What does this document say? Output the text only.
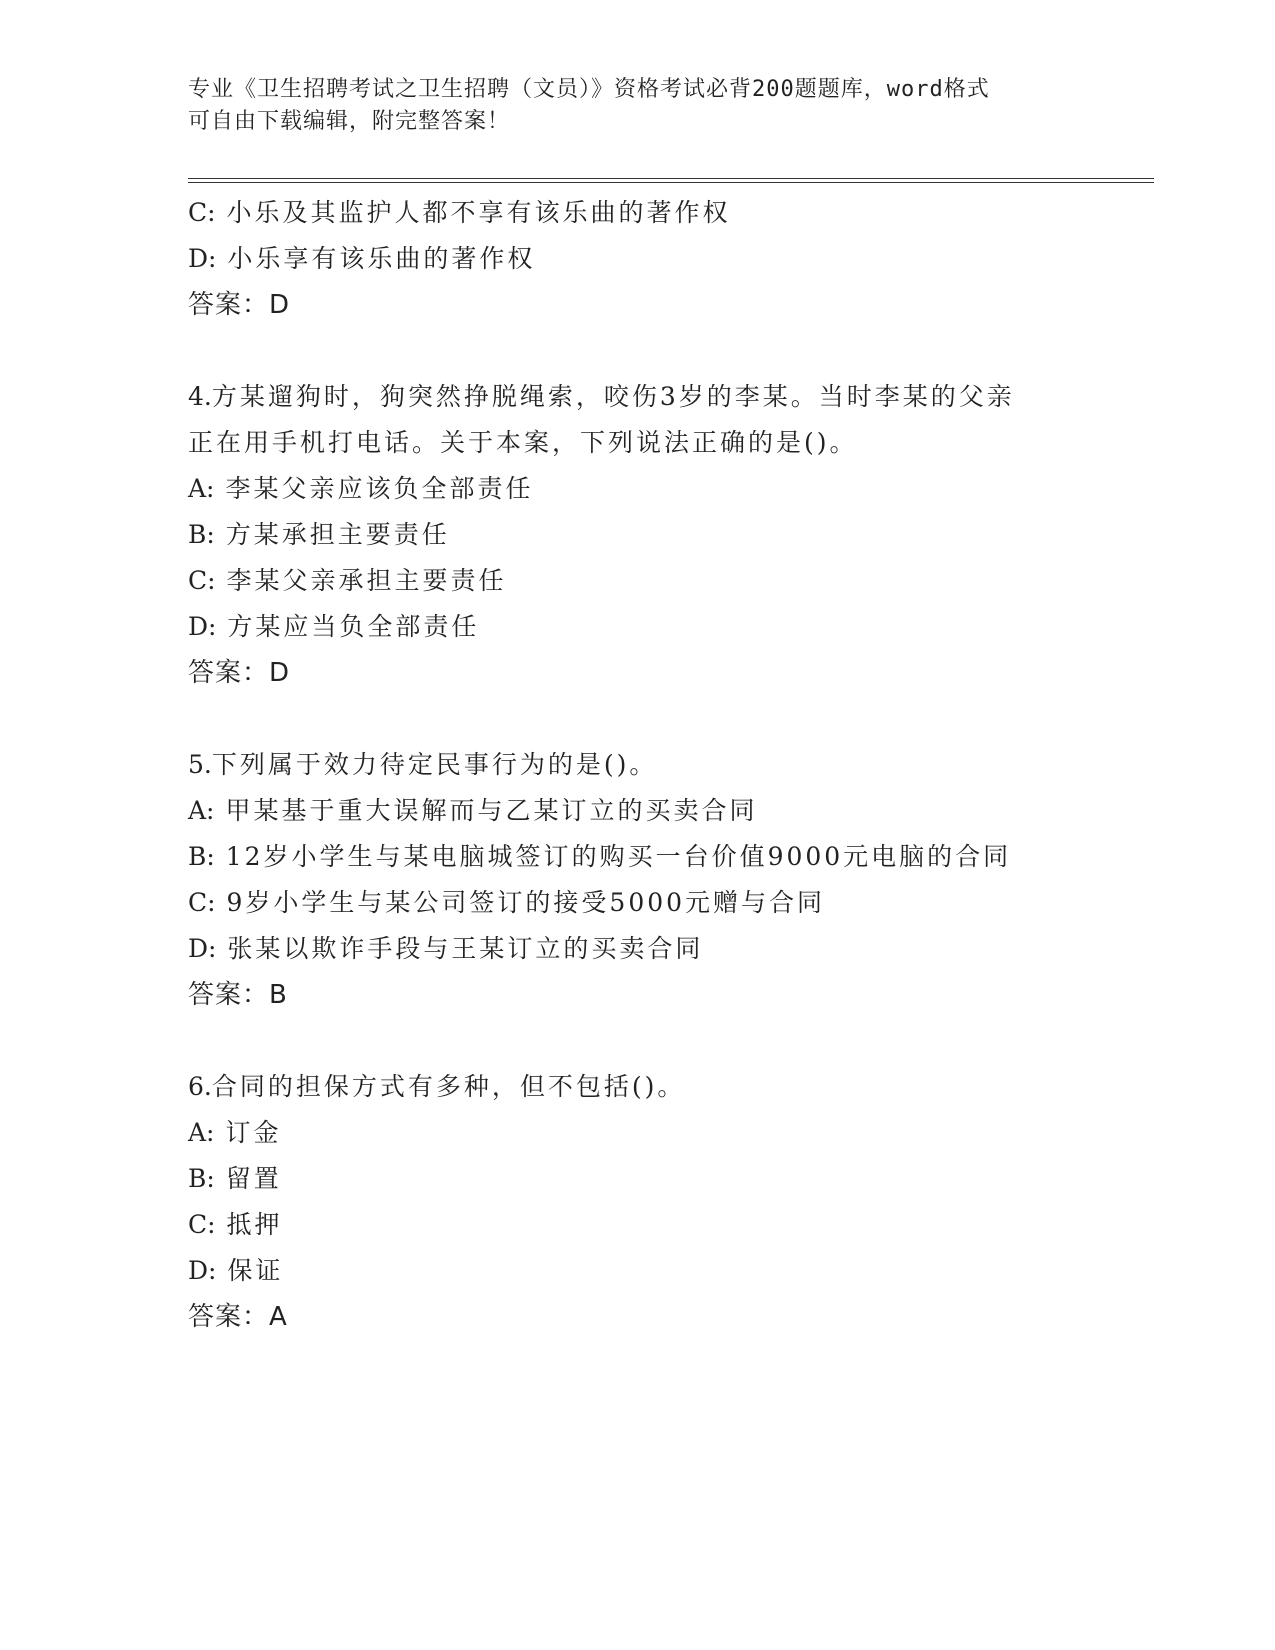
专业《卫生招聘考试之卫生招聘（文员）》资格考试必背200题题库，word格式
可自由下载编辑，附完整答案！
C: 小乐及其监护人都不享有该乐曲的著作权
D: 小乐享有该乐曲的著作权
答案：D
4.方某遛狗时，狗突然挣脱绳索，咬伤3岁的李某。当时李某的父亲
正在用手机打电话。关于本案，下列说法正确的是()。
A: 李某父亲应该负全部责任
B: 方某承担主要责任
C: 李某父亲承担主要责任
D: 方某应当负全部责任
答案：D
5.下列属于效力待定民事行为的是()。
A: 甲某基于重大误解而与乙某订立的买卖合同
B: 12岁小学生与某电脑城签订的购买一台价值9000元电脑的合同
C: 9岁小学生与某公司签订的接受5000元赠与合同
D: 张某以欺诈手段与王某订立的买卖合同
答案：B
6.合同的担保方式有多种，但不包括()。
A: 订金
B: 留置
C: 抵押
D: 保证
答案：A
